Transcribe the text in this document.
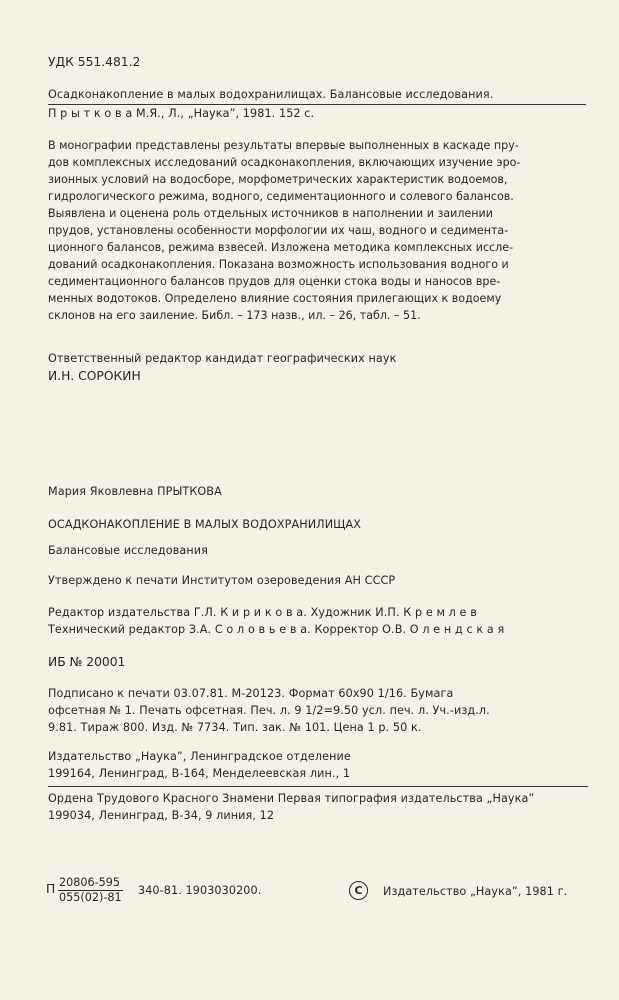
УДК 551.481.2
Осадконакопление в малых водохранилищах. Балансовые исследования.
П р ы т к о в а М.Я., Л., „Наука”, 1981. 152 с.
В монографии представлены результаты впервые выполненных в каскаде пру-
дов комплексных исследований осадконакопления, включающих изучение эро-
зионных условий на водосборе, морфометрических характеристик водоемов,
гидрологического режима, водного, седиментационного и солевого балансов.
Выявлена и оценена роль отдельных источников в наполнении и заилении
прудов, установлены особенности морфологии их чаш, водного и седимента-
ционного балансов, режима взвесей. Изложена методика комплексных иссле-
дований осадконакопления. Показана возможность использования водного и
седиментационного балансов прудов для оценки стока воды и наносов вре-
менных водотоков. Определено влияние состояния прилегающих к водоему
склонов на его заиление. Библ. – 173 назв., ил. – 26, табл. – 51.
Ответственный редактор кандидат географических наук
И.Н. СОРОКИН
Мария Яковлевна ПРЫТКОВА
ОСАДКОНАКОПЛЕНИЕ В МАЛЫХ ВОДОХРАНИЛИЩАХ
Балансовые исследования
Утверждено к печати Институтом озероведения АН СССР
Редактор издательства Г.Л. К и р и к о в а. Художник И.П. К р е м л е в
Технический редактор З.А. С о л о в ь е в а. Корректор О.В. О л е н д с к а я
ИБ № 20001
Подписано к печати 03.07.81. М-20123. Формат 60х90 1/16. Бумага
офсетная № 1. Печать офсетная. Печ. л. 9 1/2=9.50 усл. печ. л. Уч.-изд.л.
9.81. Тираж 800. Изд. № 7734. Тип. зак. № 101. Цена 1 р. 50 к.
Издательство „Наука”, Ленинградское отделение
199164, Ленинград, В-164, Менделеевская лин., 1
Ордена Трудового Красного Знамени Первая типография издательства „Наука”
199034, Ленинград, В-34, 9 линия, 12
П $\frac{20806-595}{055(02)-81} 340-81$. 1903030200.	C	Издательство „Наука”, 1981 г.
